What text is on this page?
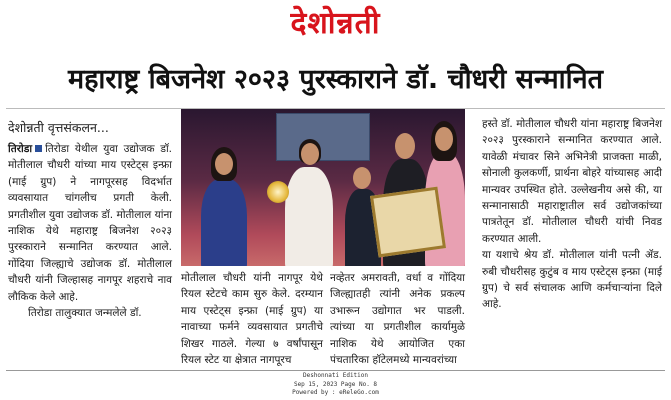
देशोन्नती
महाराष्ट्र बिजनेश २०२३ पुरस्काराने डॉ. चौधरी सन्मानित

देशोन्नती वृत्तसंकलन...

तिरोडा तिरोडा येथील युवा उद्योजक डॉ. मोतीलाल चौधरी यांच्या माय एस्टेट्स इन्फ्रा (माई ग्रुप) ने नागपूरसह विदर्भात व्यवसायात चांगलीच प्रगती केली. प्रगतीशील युवा उद्योजक डॉ. मोतीलाल यांना नाशिक येथे महाराष्ट्र बिजनेश २०२३ पुरस्काराने सन्मानित करण्यात आले. गोंदिया जिल्ह्याचे उद्योजक डॉ. मोतीलाल चौधरी यांनी जिल्हासह नागपूर शहराचे नाव लौकिक केले आहे.

तिरोडा तालुक्यात जन्मलेले डॉ.

मोतीलाल चौधरी यांनी नागपूर येथे रियल स्टेटचे काम सुरु केले. दरम्यान माय एस्टेट्स इन्फ्रा (माई ग्रुप) या नावाच्या फर्मने व्यवसायात प्रगतीचे शिखर गाठले. गेल्या ७ वर्षांपासून रियल स्टेट या क्षेत्रात नागपूरच
नव्हेतर अमरावती, वर्धा व गोंदिया जिल्ह्यातही त्यांनी अनेक प्रकल्प उभारून उद्योगात भर पाडली. त्यांच्या या प्रगतीशील कार्यामुळे नाशिक येथे आयोजित एका पंचतारिका हॉटेलमध्ये मान्यवरांच्या

हस्ते डॉ. मोतीलाल चौधरी यांना महाराष्ट्र बिजनेश २०२३ पुरस्काराने सन्मानित करण्यात आले. यावेळी मंचावर सिने अभिनेत्री प्राजक्ता माळी, सोनाली कुलकर्णी, प्रार्थना बोहरे यांच्यासह आदी मान्यवर उपस्थित होते. उल्लेखनीय असे की, या सन्मानासाठी महाराष्ट्रातील सर्व उद्योजकांच्या पात्रतेतून डॉ. मोतीलाल चौधरी यांची निवड करण्यात आली.

या यशाचे श्रेय डॉ. मोतीलाल यांनी पत्नी ॲड. रुबी चौधरीसह कुटुंब व माय एस्टेट्स इन्फ्रा (माई ग्रुप) चे सर्व संचालक आणि कर्मचाऱ्यांना दिले आहे.

Deshonnati Edition
Sep 15, 2023 Page No. 8
Powered by : eReleGo.com
